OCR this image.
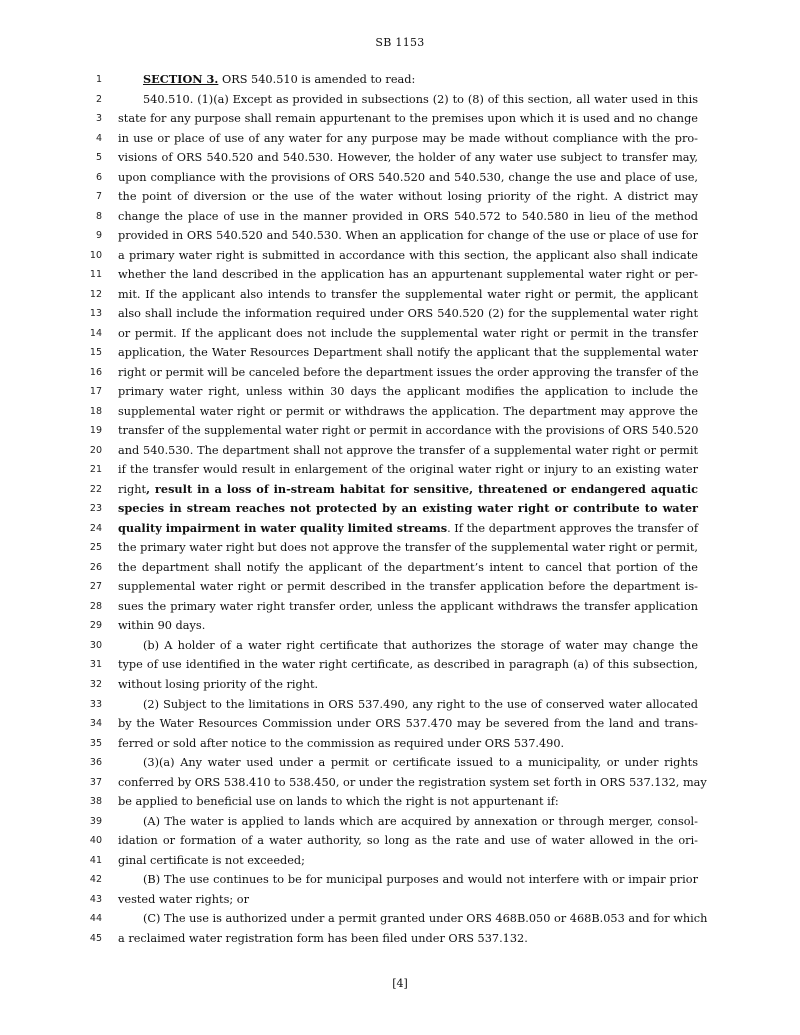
SB 1153
1	SECTION 3. ORS 540.510 is amended to read:
2	540.510. (1)(a) Except as provided in subsections (2) to (8) of this section, all water used in this
3 state for any purpose shall remain appurtenant to the premises upon which it is used and no change
4 in use or place of use of any water for any purpose may be made without compliance with the pro-
5 visions of ORS 540.520 and 540.530. However, the holder of any water use subject to transfer may,
6 upon compliance with the provisions of ORS 540.520 and 540.530, change the use and place of use,
7 the point of diversion or the use of the water without losing priority of the right. A district may
8 change the place of use in the manner provided in ORS 540.572 to 540.580 in lieu of the method
9 provided in ORS 540.520 and 540.530. When an application for change of the use or place of use for
10 a primary water right is submitted in accordance with this section, the applicant also shall indicate
11 whether the land described in the application has an appurtenant supplemental water right or per-
12 mit. If the applicant also intends to transfer the supplemental water right or permit, the applicant
13 also shall include the information required under ORS 540.520 (2) for the supplemental water right
14 or permit. If the applicant does not include the supplemental water right or permit in the transfer
15 application, the Water Resources Department shall notify the applicant that the supplemental water
16 right or permit will be canceled before the department issues the order approving the transfer of the
17 primary water right, unless within 30 days the applicant modifies the application to include the
18 supplemental water right or permit or withdraws the application. The department may approve the
19 transfer of the supplemental water right or permit in accordance with the provisions of ORS 540.520
20 and 540.530. The department shall not approve the transfer of a supplemental water right or permit
21 if the transfer would result in enlargement of the original water right or injury to an existing water
22 right, result in a loss of in-stream habitat for sensitive, threatened or endangered aquatic
23 species in stream reaches not protected by an existing water right or contribute to water
24 quality impairment in water quality limited streams. If the department approves the transfer of
25 the primary water right but does not approve the transfer of the supplemental water right or permit,
26 the department shall notify the applicant of the department’s intent to cancel that portion of the
27 supplemental water right or permit described in the transfer application before the department is-
28 sues the primary water right transfer order, unless the applicant withdraws the transfer application
29 within 90 days.
30	(b) A holder of a water right certificate that authorizes the storage of water may change the
31 type of use identified in the water right certificate, as described in paragraph (a) of this subsection,
32 without losing priority of the right.
33	(2) Subject to the limitations in ORS 537.490, any right to the use of conserved water allocated
34 by the Water Resources Commission under ORS 537.470 may be severed from the land and trans-
35 ferred or sold after notice to the commission as required under ORS 537.490.
36	(3)(a) Any water used under a permit or certificate issued to a municipality, or under rights
37 conferred by ORS 538.410 to 538.450, or under the registration system set forth in ORS 537.132, may
38 be applied to beneficial use on lands to which the right is not appurtenant if:
39	(A) The water is applied to lands which are acquired by annexation or through merger, consol-
40 idation or formation of a water authority, so long as the rate and use of water allowed in the ori-
41 ginal certificate is not exceeded;
42	(B) The use continues to be for municipal purposes and would not interfere with or impair prior
43 vested water rights; or
44	(C) The use is authorized under a permit granted under ORS 468B.050 or 468B.053 and for which
45 a reclaimed water registration form has been filed under ORS 537.132.
[4]
